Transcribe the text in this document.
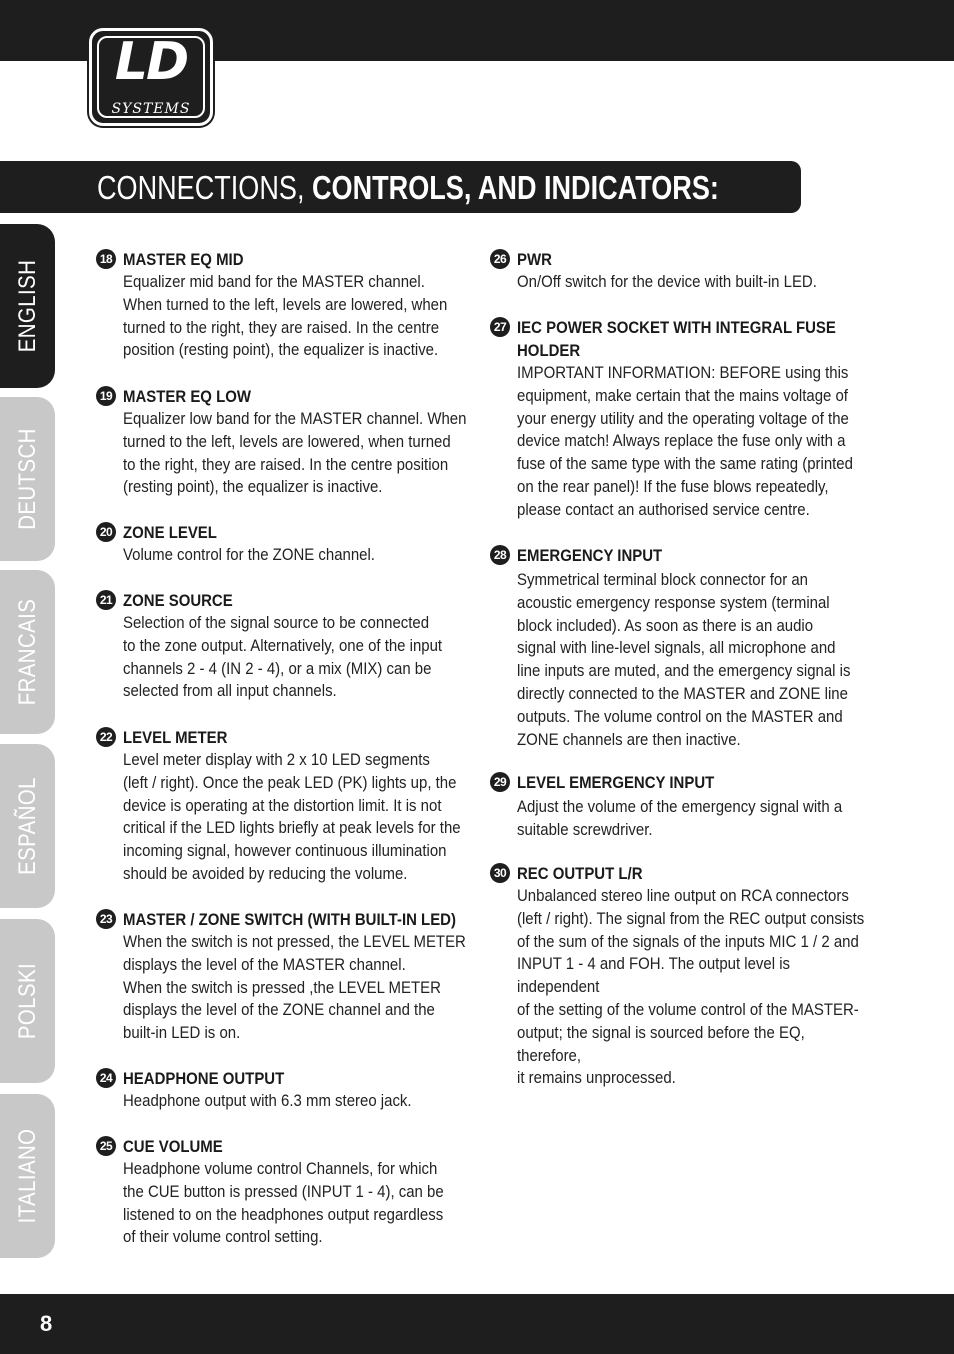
LD
SYSTEMS
CONNECTIONS, CONTROLS, AND INDICATORS:
ENGLISH
DEUTSCH
FRANCAIS
ESPAÑOL
POLSKI
ITALIANO
18 MASTER EQ MID
Equalizer mid band for the MASTER channel.
When turned to the left, levels are lowered, when
turned to the right, they are raised. In the centre
position (resting point), the equalizer is inactive.
19 MASTER EQ LOW
Equalizer low band for the MASTER channel. When
turned to the left, levels are lowered, when turned
to the right, they are raised. In the centre position
(resting point), the equalizer is inactive.
20 ZONE LEVEL
Volume control for the ZONE channel.
21 ZONE SOURCE
Selection of the signal source to be connected
to the zone output. Alternatively, one of the input
channels 2 - 4 (IN 2 - 4), or a mix (MIX) can be
selected from all input channels.
22 LEVEL METER
Level meter display with 2 x 10 LED segments
(left / right). Once the peak LED (PK) lights up, the
device is operating at the distortion limit. It is not
critical if the LED lights briefly at peak levels for the
incoming signal, however continuous illumination
should be avoided by reducing the volume.
23 MASTER / ZONE SWITCH (WITH BUILT-IN LED)
When the switch is not pressed, the LEVEL METER
displays the level of the MASTER channel.
When the switch is pressed ,the LEVEL METER
displays the level of the ZONE channel and the
built-in LED is on.
24 HEADPHONE OUTPUT
Headphone output with 6.3 mm stereo jack.
25 CUE VOLUME
Headphone volume control Channels, for which
the CUE button is pressed (INPUT 1 - 4), can be
listened to on the headphones output regardless
of their volume control setting.
26 PWR
On/Off switch for the device with built-in LED.
27 IEC POWER SOCKET WITH INTEGRAL FUSE
HOLDER
IMPORTANT INFORMATION: BEFORE using this
equipment, make certain that the mains voltage of
your energy utility and the operating voltage of the
device match! Always replace the fuse only with a
fuse of the same type with the same rating (printed
on the rear panel)! If the fuse blows repeatedly,
please contact an authorised service centre.
28 EMERGENCY INPUT
Symmetrical terminal block connector for an
acoustic emergency response system (terminal
block included). As soon as there is an audio
signal with line-level signals, all microphone and
line inputs are muted, and the emergency signal is
directly connected to the MASTER and ZONE line
outputs. The volume control on the MASTER and
ZONE channels are then inactive.
29 LEVEL EMERGENCY INPUT
Adjust the volume of the emergency signal with a
suitable screwdriver.
30 REC OUTPUT L/R
Unbalanced stereo line output on RCA connectors
(left / right). The signal from the REC output consists
of the sum of the signals of the inputs MIC 1 / 2 and
INPUT 1 - 4 and FOH. The output level is independent
of the setting of the volume control of the MASTER-
output; the signal is sourced before the EQ, therefore,
it remains unprocessed.
8
